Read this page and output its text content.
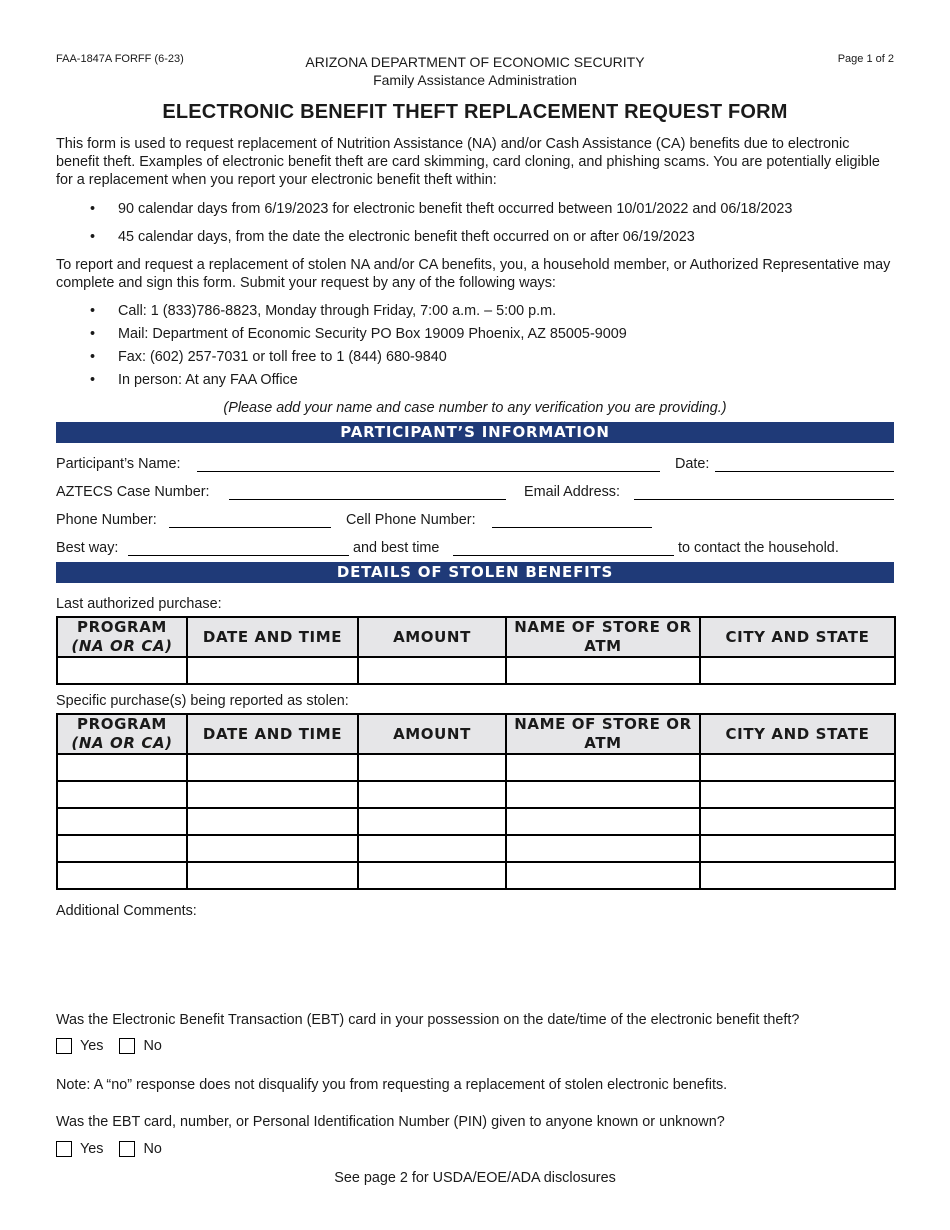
FAA-1847A FORFF (6-23)	ARIZONA DEPARTMENT OF ECONOMIC SECURITY
Family Assistance Administration
Page 1 of 2
ELECTRONIC BENEFIT THEFT REPLACEMENT REQUEST FORM
This form is used to request replacement of Nutrition Assistance (NA) and/or Cash Assistance (CA) benefits due to electronic benefit theft. Examples of electronic benefit theft are card skimming, card cloning, and phishing scams. You are potentially eligible for a replacement when you report your electronic benefit theft within:
• 90 calendar days from 6/19/2023 for electronic benefit theft occurred between 10/01/2022 and 06/18/2023
• 45 calendar days, from the date the electronic benefit theft occurred on or after 06/19/2023
To report and request a replacement of stolen NA and/or CA benefits, you, a household member, or Authorized Representative may complete and sign this form. Submit your request by any of the following ways:
• Call: 1 (833)786-8823, Monday through Friday, 7:00 a.m. – 5:00 p.m.
• Mail: Department of Economic Security PO Box 19009 Phoenix, AZ 85005-9009
• Fax: (602) 257-7031 or toll free to 1 (844) 680-9840
• In person: At any FAA Office
(Please add your name and case number to any verification you are providing.)
PARTICIPANT’S INFORMATION
Participant’s Name:	Date:
AZTECS Case Number:	Email Address:
Phone Number:	Cell Phone Number:
Best way:	and best time	to contact the household.
DETAILS OF STOLEN BENEFITS
Last authorized purchase:
PROGRAM
(NA OR CA)	DATE AND TIME	AMOUNT	NAME OF STORE OR ATM	CITY AND STATE

Specific purchase(s) being reported as stolen:
PROGRAM
(NA OR CA)	DATE AND TIME	AMOUNT	NAME OF STORE OR ATM	CITY AND STATE

Additional Comments:
Was the Electronic Benefit Transaction (EBT) card in your possession on the date/time of the electronic benefit theft?
Yes	No
Note: A “no” response does not disqualify you from requesting a replacement of stolen electronic benefits.
Was the EBT card, number, or Personal Identification Number (PIN) given to anyone known or unknown?
Yes	No
See page 2 for USDA/EOE/ADA disclosures
